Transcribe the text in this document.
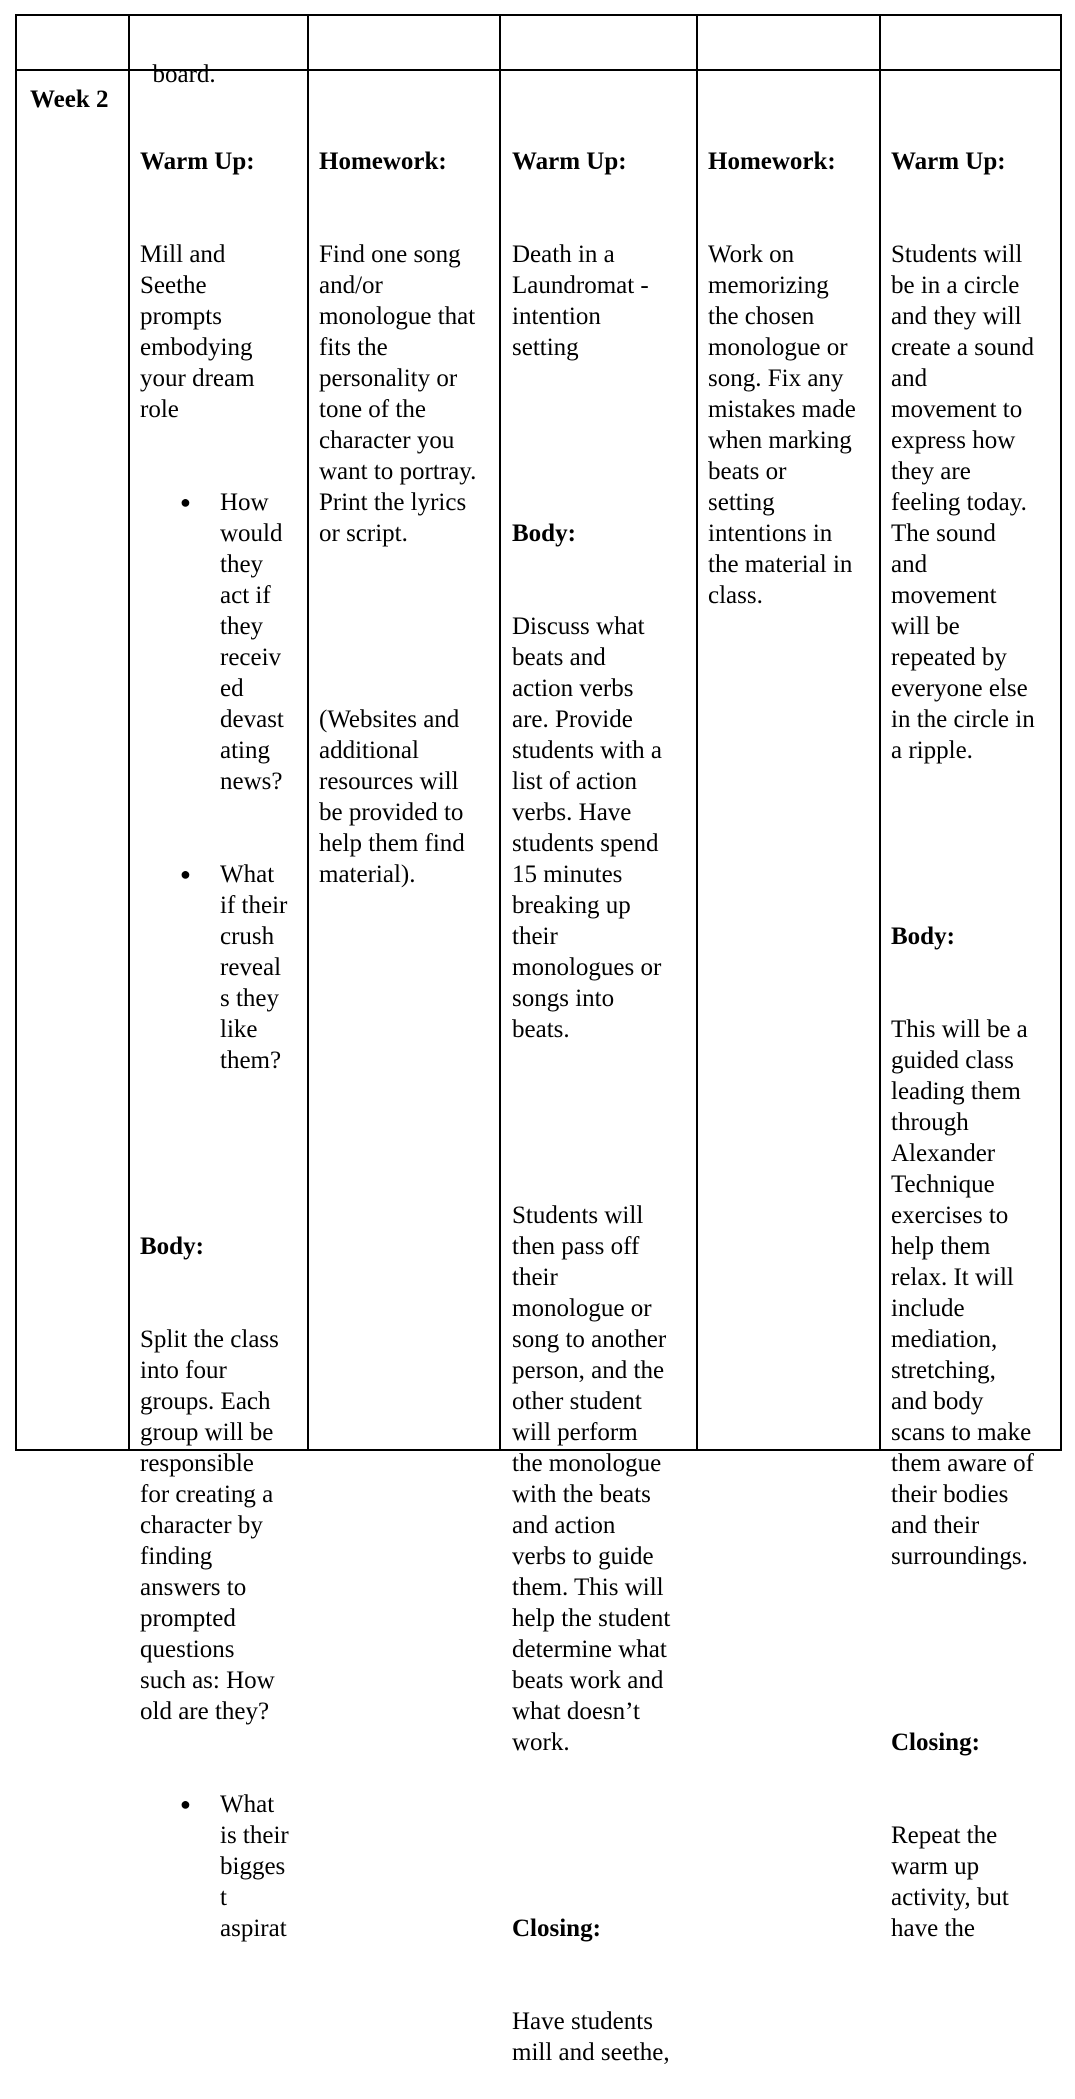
board.

Week 2

Warm Up:

Mill and
Seethe
prompts
embodying
your dream
role

● How
would
they
act if
they
receiv
ed
devast
ating
news?

● What
if their
crush
reveal
s they
like
them?

Body:

Split the class
into four
groups. Each
group will be
responsible
for creating a
character by
finding
answers to
prompted
questions
such as: How
old are they?

● What
is their
bigges
t
aspirat

Homework:

Find one song
and/or
monologue that
fits the
personality or
tone of the
character you
want to portray.
Print the lyrics
or script.

(Websites and
additional
resources will
be provided to
help them find
material).

Warm Up:

Death in a
Laundromat -
intention
setting

Body:

Discuss what
beats and
action verbs
are. Provide
students with a
list of action
verbs. Have
students spend
15 minutes
breaking up
their
monologues or
songs into
beats.

Students will
then pass off
their
monologue or
song to another
person, and the
other student
will perform
the monologue
with the beats
and action
verbs to guide
them. This will
help the student
determine what
beats work and
what doesn’t
work.

Closing:

Have students
mill and seethe,

Homework:

Work on
memorizing
the chosen
monologue or
song. Fix any
mistakes made
when marking
beats or
setting
intentions in
the material in
class.

Warm Up:

Students will
be in a circle
and they will
create a sound
and
movement to
express how
they are
feeling today.
The sound
and
movement
will be
repeated by
everyone else
in the circle in
a ripple.

Body:

This will be a
guided class
leading them
through
Alexander
Technique
exercises to
help them
relax. It will
include
mediation,
stretching,
and body
scans to make
them aware of
their bodies
and their
surroundings.

Closing:

Repeat the
warm up
activity, but
have the
